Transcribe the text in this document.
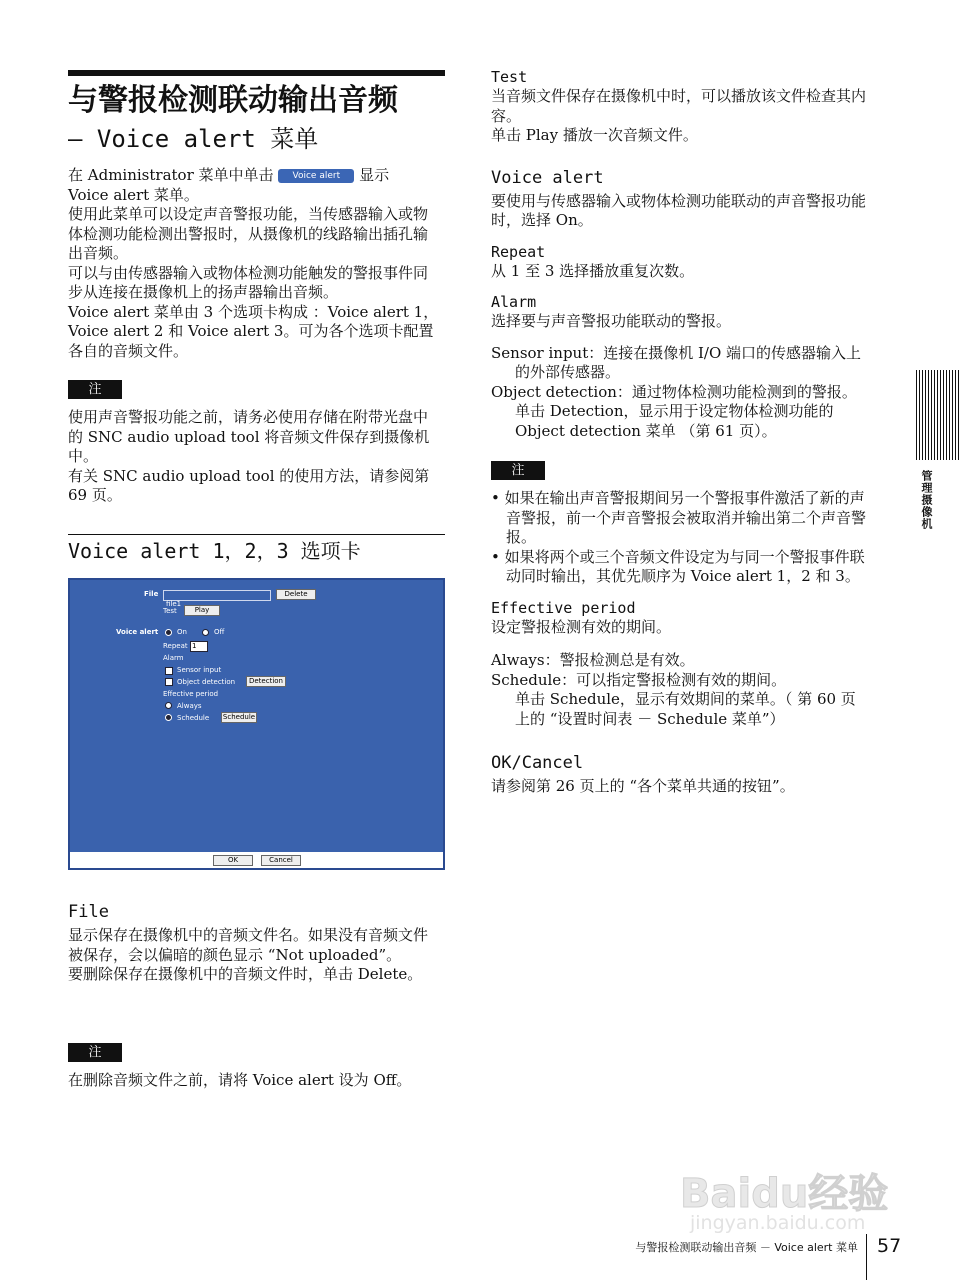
与警报检测联动输出音频
— Voice alert 菜单

在 Administrator 菜单中单击 Voice alert 显示

Voice alert 菜单。

使用此菜单可以设定声音警报功能，当传感器输入或物体检测功能检测出警报时，从摄像机的线路输出插孔输出音频。

可以与由传感器输入或物体检测功能触发的警报事件同步从连接在摄像机上的扬声器输出音频。

Voice alert 菜单由 3 个选项卡构成 ：Voice alert 1，Voice alert 2 和 Voice alert 3。可为各个选项卡配置各自的音频文件。

注

使用声音警报功能之前，请务必使用存储在附带光盘中的 SNC audio upload tool 将音频文件保存到摄像机中。

有关 SNC audio upload tool 的使用方法，请参阅第 69 页。

Voice alert 1，2，3 选项卡
File
file1
Delete
Test	Play
Voice alert	On	Off
Repeat 1
Alarm
Sensor input
Object detection	Detection
Effective period
Always
Schedule Schedule
OK	Cancel
File

显示保存在摄像机中的音频文件名。如果没有音频文件被保存，会以偏暗的颜色显示 “Not uploaded”。

要删除保存在摄像机中的音频文件时，单击 Delete。

注

在删除音频文件之前，请将 Voice alert 设为 Off。

Test

当音频文件保存在摄像机中时，可以播放该文件检查其内容。

单击 Play 播放一次音频文件。

Voice alert

要使用与传感器输入或物体检测功能联动的声音警报功能时，选择 On。

Repeat

从 1 至 3 选择播放重复次数。

Alarm

选择要与声音警报功能联动的警报。

Sensor input：连接在摄像机 I/O 端口的传感器输入上的外部传感器。

Object detection：通过物体检测功能检测到的警报。

单击 Detection，显示用于设定物体检测功能的 Object detection 菜单 （第 61 页）。

注

• 如果在输出声音警报期间另一个警报事件激活了新的声音警报，前一个声音警报会被取消并输出第二个声音警报。

• 如果将两个或三个音频文件设定为与同一个警报事件联动同时输出，其优先顺序为 Voice alert 1，2 和 3。

Effective period

设定警报检测有效的期间。

Always：警报检测总是有效。

Schedule：可以指定警报检测有效的期间。

单击 Schedule，显示有效期间的菜单。（ 第 60 页上的 “设置时间表 － Schedule 菜单”）

OK/Cancel

请参阅第 26 页上的 “各个菜单共通的按钮”。

管理摄像机
Baidu经验
jingyan.baidu.com
与警报检测联动输出音频 － Voice alert 菜单 57
